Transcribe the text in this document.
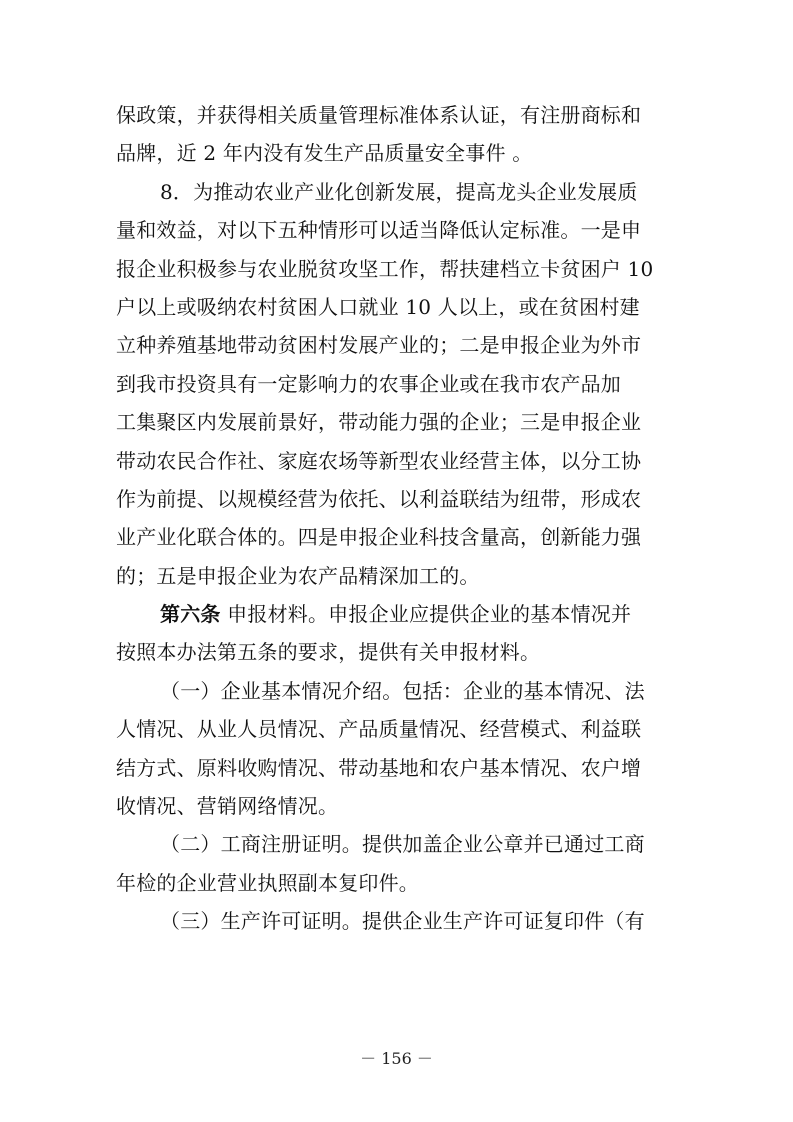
保政策，并获得相关质量管理标准体系认证，有注册商标和
品牌，近 2 年内没有发生产品质量安全事件 。
8．为推动农业产业化创新发展，提高龙头企业发展质
量和效益，对以下五种情形可以适当降低认定标准。一是申
报企业积极参与农业脱贫攻坚工作，帮扶建档立卡贫困户 10
户以上或吸纳农村贫困人口就业 10 人以上，或在贫困村建
立种养殖基地带动贫困村发展产业的；二是申报企业为外市
到我市投资具有一定影响力的农事企业或在我市农产品加
工集聚区内发展前景好，带动能力强的企业；三是申报企业
带动农民合作社、家庭农场等新型农业经营主体，以分工协
作为前提、以规模经营为依托、以利益联结为纽带，形成农
业产业化联合体的。四是申报企业科技含量高，创新能力强
的；五是申报企业为农产品精深加工的。
第六条 申报材料。申报企业应提供企业的基本情况并
按照本办法第五条的要求，提供有关申报材料。
（一）企业基本情况介绍。包括：企业的基本情况、法
人情况、从业人员情况、产品质量情况、经营模式、利益联
结方式、原料收购情况、带动基地和农户基本情况、农户增
收情况、营销网络情况。
（二）工商注册证明。提供加盖企业公章并已通过工商
年检的企业营业执照副本复印件。
（三）生产许可证明。提供企业生产许可证复印件（有
－ 156 －
